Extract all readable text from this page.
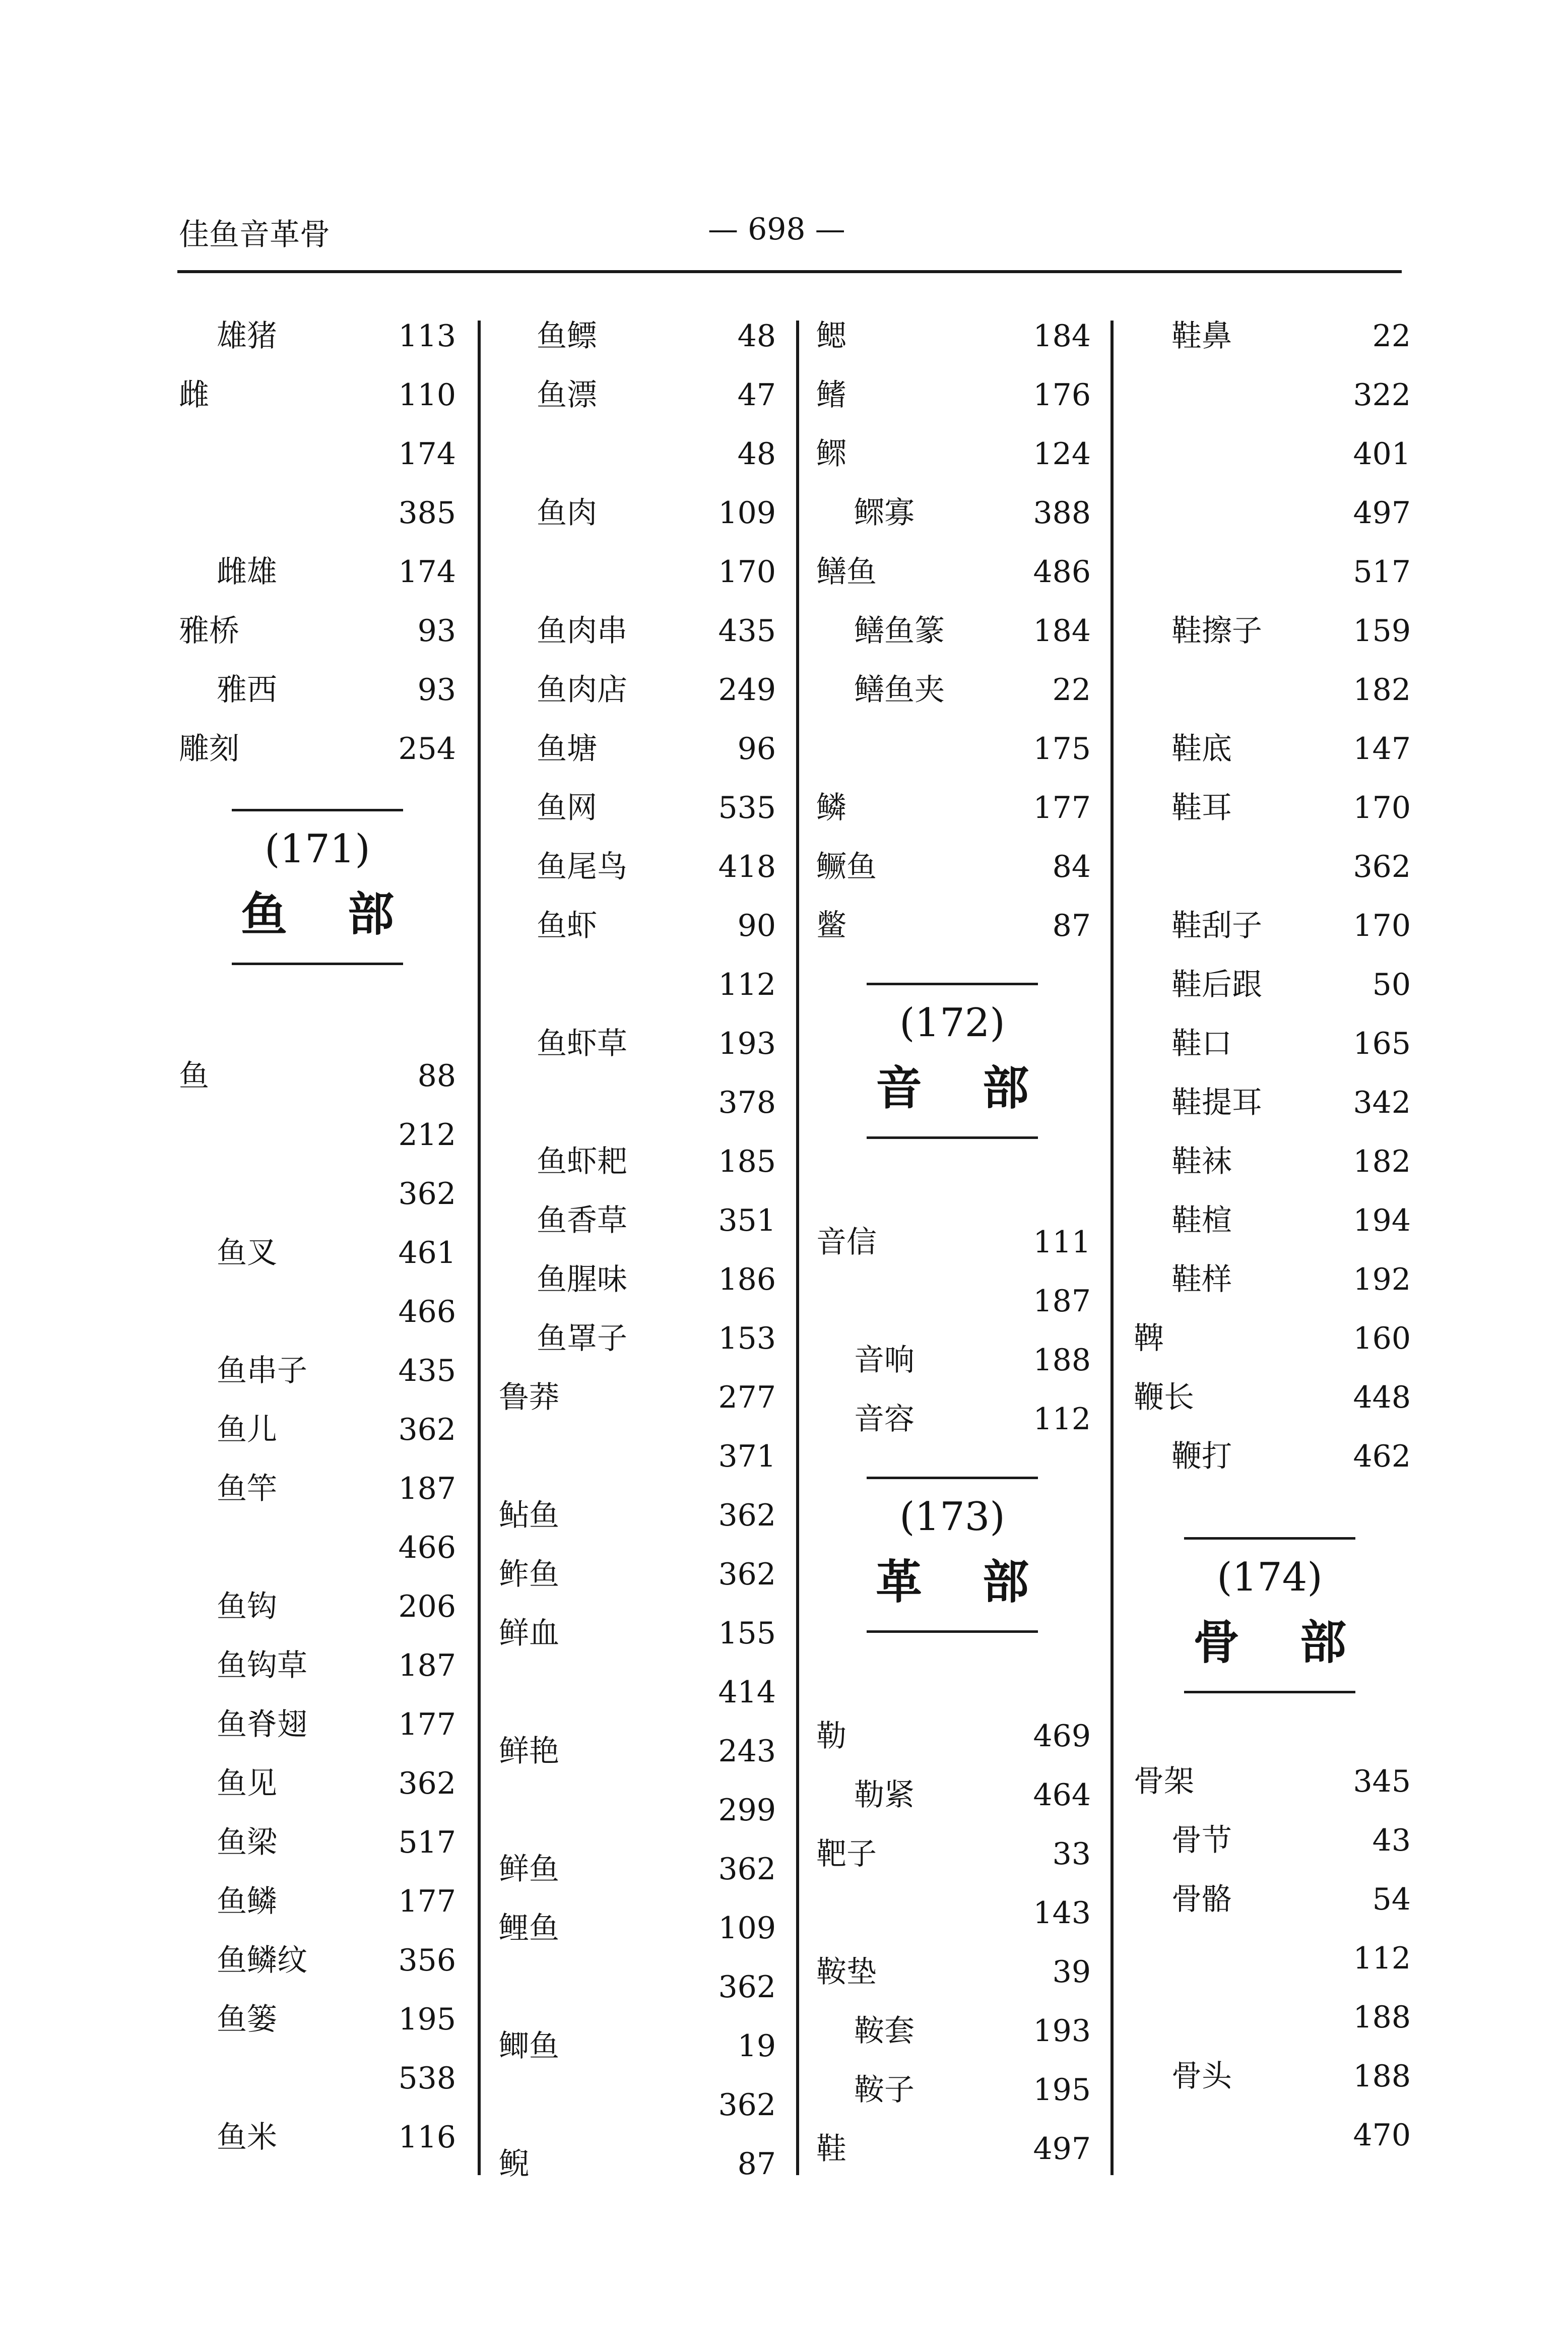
佳鱼音革骨	— 698 —
雄猪	113
雌	110
174
385
雌雄	174
雅桥	93
雅西	93
雕刻	254
鱼	88
212
362
鱼叉	461
466
鱼串子	435
鱼儿	362
鱼竿	187
466
鱼钩	206
鱼钩草	187
鱼脊翅	177
鱼见	362
鱼梁	517
鱼鳞	177
鱼鳞纹	356
鱼篓	195
538
鱼米	116
鱼鳔	48
鱼漂	47
48
鱼肉	109
170
鱼肉串	435
鱼肉店	249
鱼塘	96
鱼网	535
鱼尾鸟	418
鱼虾	90
112
鱼虾草	193
378
鱼虾耙	185
鱼香草	351
鱼腥味	186
鱼罩子	153
鲁莽	277
371
鲇鱼	362
鲊鱼	362
鲜血	155
414
鲜艳	243
299
鲜鱼	362
鲤鱼	109
362
鲫鱼	19
362
鲵	87
鳃	184
鳍	176
鳏	124
鳏寡	388
鳝鱼	486
鳝鱼篆	184
鳝鱼夹	22
175
鳞	177
鳜鱼	84
鳖	87
音信	111
187
音响	188
音容	112
勒	469
勒紧	464
靶子	33
143
鞍垫	39
鞍套	193
鞍子	195
鞋	497
鞋鼻	22
322
401
497
517
鞋擦子	159
182
鞋底	147
鞋耳	170
362
鞋刮子	170
鞋后跟	50
鞋口	165
鞋提耳	342
鞋袜	182
鞋楦	194
鞋样	192
鞞	160
鞭长	448
鞭打	462
骨架	345
骨节	43
骨骼	54
112
188
骨头	188
470
(171)
鱼 部
(172)
音 部
(173)
革 部	(174)
骨 部
